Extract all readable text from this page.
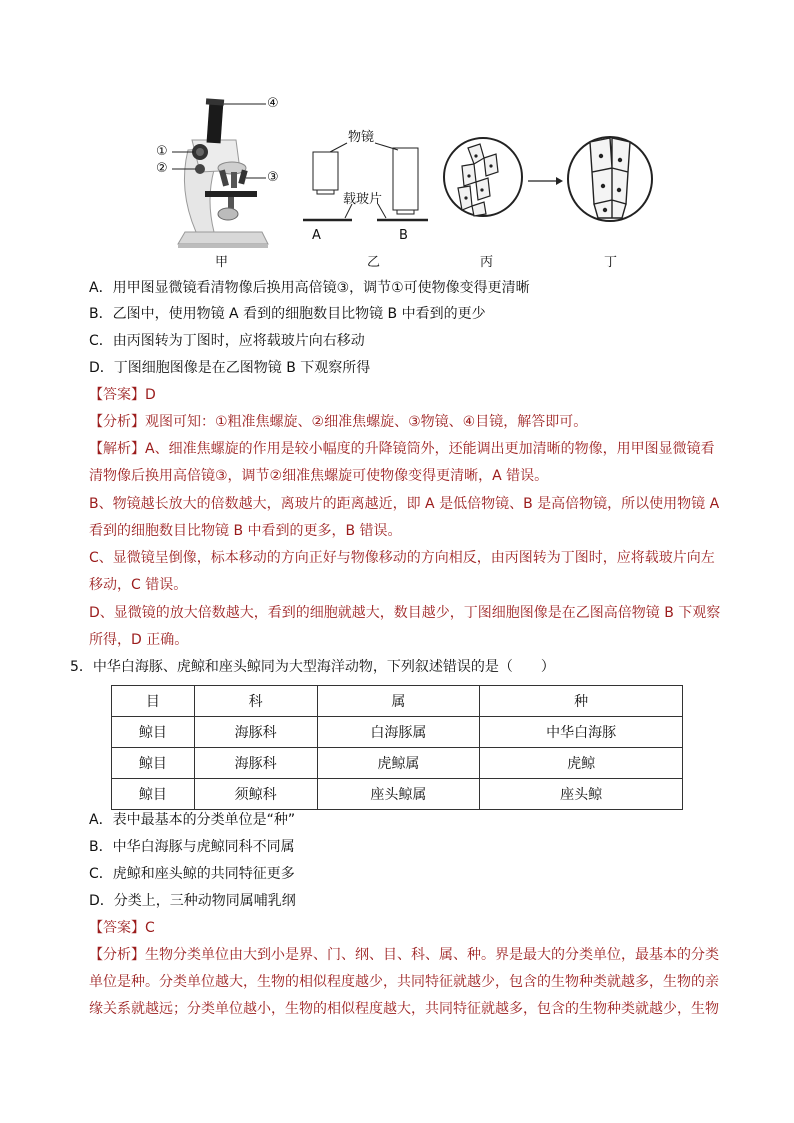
④
①
②
③
物镜
载玻片
A	B
甲	乙	丙	丁
A．用甲图显微镜看清物像后换用高倍镜③，调节①可使物像变得更清晰
B．乙图中，使用物镜 A 看到的细胞数目比物镜 B 中看到的更少
C．由丙图转为丁图时，应将载玻片向右移动
D．丁图细胞图像是在乙图物镜 B 下观察所得
【答案】D
【分析】观图可知：①粗准焦螺旋、②细准焦螺旋、③物镜、④目镜，解答即可。
【解析】A、细准焦螺旋的作用是较小幅度的升降镜筒外，还能调出更加清晰的物像，用甲图显微镜看
清物像后换用高倍镜③，调节②细准焦螺旋可使物像变得更清晰，A 错误。
B、物镜越长放大的倍数越大，离玻片的距离越近，即 A 是低倍物镜、B 是高倍物镜，所以使用物镜 A
看到的细胞数目比物镜 B 中看到的更多，B 错误。
C、显微镜呈倒像，标本移动的方向正好与物像移动的方向相反，由丙图转为丁图时，应将载玻片向左
移动，C 错误。
D、显微镜的放大倍数越大，看到的细胞就越大，数目越少，丁图细胞图像是在乙图高倍物镜 B 下观察
所得，D 正确。
5．中华白海豚、虎鲸和座头鲸同为大型海洋动物，下列叙述错误的是（　　）
目	科	属	种
鲸目	海豚科	白海豚属	中华白海豚
鲸目	海豚科	虎鲸属	虎鲸
鲸目	须鲸科	座头鲸属	座头鲸
A．表中最基本的分类单位是“种”
B．中华白海豚与虎鲸同科不同属
C．虎鲸和座头鲸的共同特征更多
D．分类上，三种动物同属哺乳纲
【答案】C
【分析】生物分类单位由大到小是界、门、纲、目、科、属、种。界是最大的分类单位，最基本的分类
单位是种。分类单位越大，生物的相似程度越少，共同特征就越少，包含的生物种类就越多，生物的亲
缘关系就越远；分类单位越小，生物的相似程度越大，共同特征就越多，包含的生物种类就越少，生物
